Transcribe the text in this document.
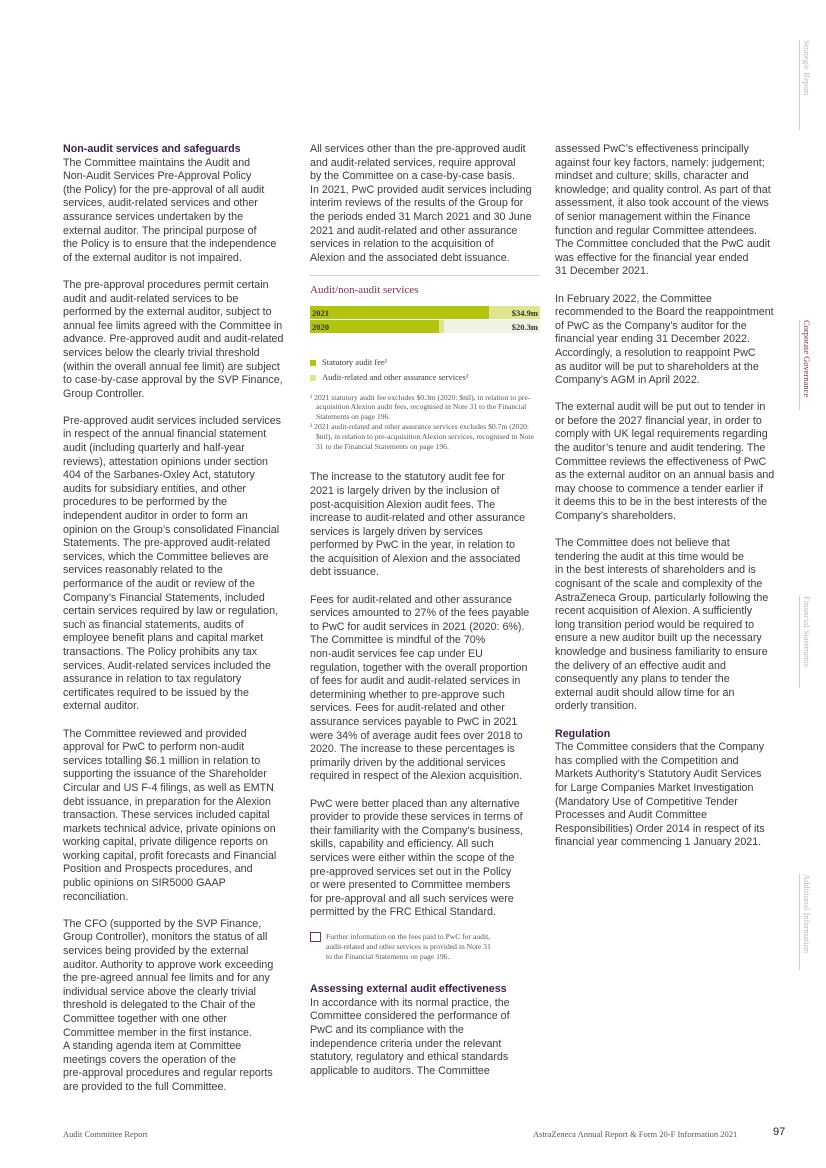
Strategic Report
Corporate Governance
Financial Statements
Additional Information
Non-audit services and safeguards

The Committee maintains the Audit and
Non-Audit Services Pre-Approval Policy
(the Policy) for the pre-approval of all audit
services, audit-related services and other
assurance services undertaken by the
external auditor. The principal purpose of
the Policy is to ensure that the independence
of the external auditor is not impaired.

The pre-approval procedures permit certain
audit and audit-related services to be
performed by the external auditor, subject to
annual fee limits agreed with the Committee in
advance. Pre-approved audit and audit-related
services below the clearly trivial threshold
(within the overall annual fee limit) are subject
to case-by-case approval by the SVP Finance,
Group Controller.

Pre-approved audit services included services
in respect of the annual financial statement
audit (including quarterly and half-year
reviews), attestation opinions under section
404 of the Sarbanes-Oxley Act, statutory
audits for subsidiary entities, and other
procedures to be performed by the
independent auditor in order to form an
opinion on the Group’s consolidated Financial
Statements. The pre-approved audit-related
services, which the Committee believes are
services reasonably related to the
performance of the audit or review of the
Company’s Financial Statements, included
certain services required by law or regulation,
such as financial statements, audits of
employee benefit plans and capital market
transactions. The Policy prohibits any tax
services. Audit-related services included the
assurance in relation to tax regulatory
certificates required to be issued by the
external auditor.

The Committee reviewed and provided
approval for PwC to perform non-audit
services totalling $6.1 million in relation to
supporting the issuance of the Shareholder
Circular and US F-4 filings, as well as EMTN
debt issuance, in preparation for the Alexion
transaction. These services included capital
markets technical advice, private opinions on
working capital, private diligence reports on
working capital, profit forecasts and Financial
Position and Prospects procedures, and
public opinions on SIR5000 GAAP
reconciliation.

The CFO (supported by the SVP Finance,
Group Controller), monitors the status of all
services being provided by the external
auditor. Authority to approve work exceeding
the pre-agreed annual fee limits and for any
individual service above the clearly trivial
threshold is delegated to the Chair of the
Committee together with one other
Committee member in the first instance.
A standing agenda item at Committee
meetings covers the operation of the
pre-approval procedures and regular reports
are provided to the full Committee.

All services other than the pre-approved audit
and audit-related services, require approval
by the Committee on a case-by-case basis.
In 2021, PwC provided audit services including
interim reviews of the results of the Group for
the periods ended 31 March 2021 and 30 June
2021 and audit-related and other assurance
services in relation to the acquisition of
Alexion and the associated debt issuance.

Audit/non-audit services
2021	$34.9m
2020	$20.3m
Statutory audit fee¹
Audit-related and other assurance services²
¹ 2021 statutory audit fee excludes $0.3m (2020: $nil), in relation to pre-acquisition Alexion audit fees, recognised in Note 31 to the Financial Statements on page 196.
² 2021 audit-related and other assurance services excludes $0.7m (2020: $nil), in relation to pre-acquisition Alexion services, recognised in Note 31 to the Financial Statements on page 196.

The increase to the statutory audit fee for
2021 is largely driven by the inclusion of
post-acquisition Alexion audit fees. The
increase to audit-related and other assurance
services is largely driven by services
performed by PwC in the year, in relation to
the acquisition of Alexion and the associated
debt issuance.

Fees for audit-related and other assurance
services amounted to 27% of the fees payable
to PwC for audit services in 2021 (2020: 6%).
The Committee is mindful of the 70%
non-audit services fee cap under EU
regulation, together with the overall proportion
of fees for audit and audit-related services in
determining whether to pre-approve such
services. Fees for audit-related and other
assurance services payable to PwC in 2021
were 34% of average audit fees over 2018 to
2020. The increase to these percentages is
primarily driven by the additional services
required in respect of the Alexion acquisition.

PwC were better placed than any alternative
provider to provide these services in terms of
their familiarity with the Company’s business,
skills, capability and efficiency. All such
services were either within the scope of the
pre-approved services set out in the Policy
or were presented to Committee members
for pre-approval and all such services were
permitted by the FRC Ethical Standard.

Further information on the fees paid to PwC for audit,
audit-related and other services is provided in Note 31
to the Financial Statements on page 196.
Assessing external audit effectiveness

In accordance with its normal practice, the
Committee considered the performance of
PwC and its compliance with the
independence criteria under the relevant
statutory, regulatory and ethical standards
applicable to auditors. The Committee

assessed PwC’s effectiveness principally
against four key factors, namely: judgement;
mindset and culture; skills, character and
knowledge; and quality control. As part of that
assessment, it also took account of the views
of senior management within the Finance
function and regular Committee attendees.
The Committee concluded that the PwC audit
was effective for the financial year ended
31 December 2021.

In February 2022, the Committee
recommended to the Board the reappointment
of PwC as the Company’s auditor for the
financial year ending 31 December 2022.
Accordingly, a resolution to reappoint PwC
as auditor will be put to shareholders at the
Company’s AGM in April 2022.

The external audit will be put out to tender in
or before the 2027 financial year, in order to
comply with UK legal requirements regarding
the auditor’s tenure and audit tendering. The
Committee reviews the effectiveness of PwC
as the external auditor on an annual basis and
may choose to commence a tender earlier if
it deems this to be in the best interests of the
Company’s shareholders.

The Committee does not believe that
tendering the audit at this time would be
in the best interests of shareholders and is
cognisant of the scale and complexity of the
AstraZeneca Group, particularly following the
recent acquisition of Alexion. A sufficiently
long transition period would be required to
ensure a new auditor built up the necessary
knowledge and business familiarity to ensure
the delivery of an effective audit and
consequently any plans to tender the
external audit should allow time for an
orderly transition.

Regulation

The Committee considers that the Company
has complied with the Competition and
Markets Authority’s Statutory Audit Services
for Large Companies Market Investigation
(Mandatory Use of Competitive Tender
Processes and Audit Committee
Responsibilities) Order 2014 in respect of its
financial year commencing 1 January 2021.

Audit Committee Report	AstraZeneca Annual Report & Form 20-F Information 2021	97
